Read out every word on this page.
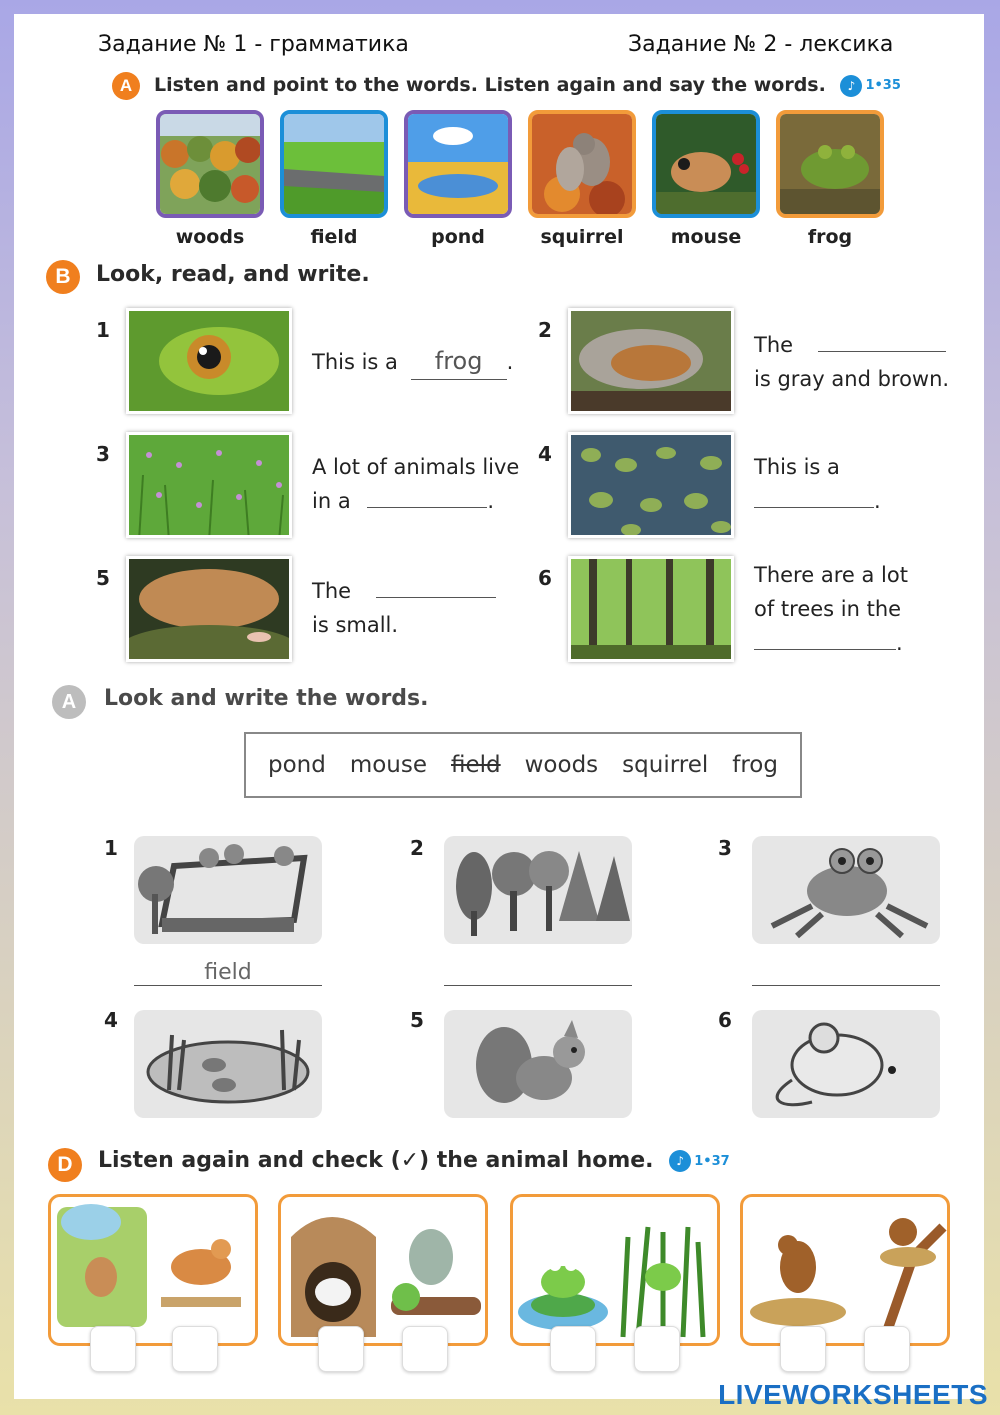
Задание № 1 - грамматика	Задание № 2 - лексика
A	Listen and point to the words. Listen again and say the words.	♪ 1•35
woods	field	pond	squirrel	mouse	frog
B	Look, read, and write.
1
This is a frog .
2
The
is gray and brown.
3
A lot of animals live
in a	.
4
This is a
.
5
The
is small.
6	There are a lot
of trees in the
.
A	Look and write the words.
pond mouse field woods squirrel frog
1
field
2	3
4	5	6
D	Listen again and check (✓) the animal home.	♪ 1•37
LIVEWORKSHEETS
